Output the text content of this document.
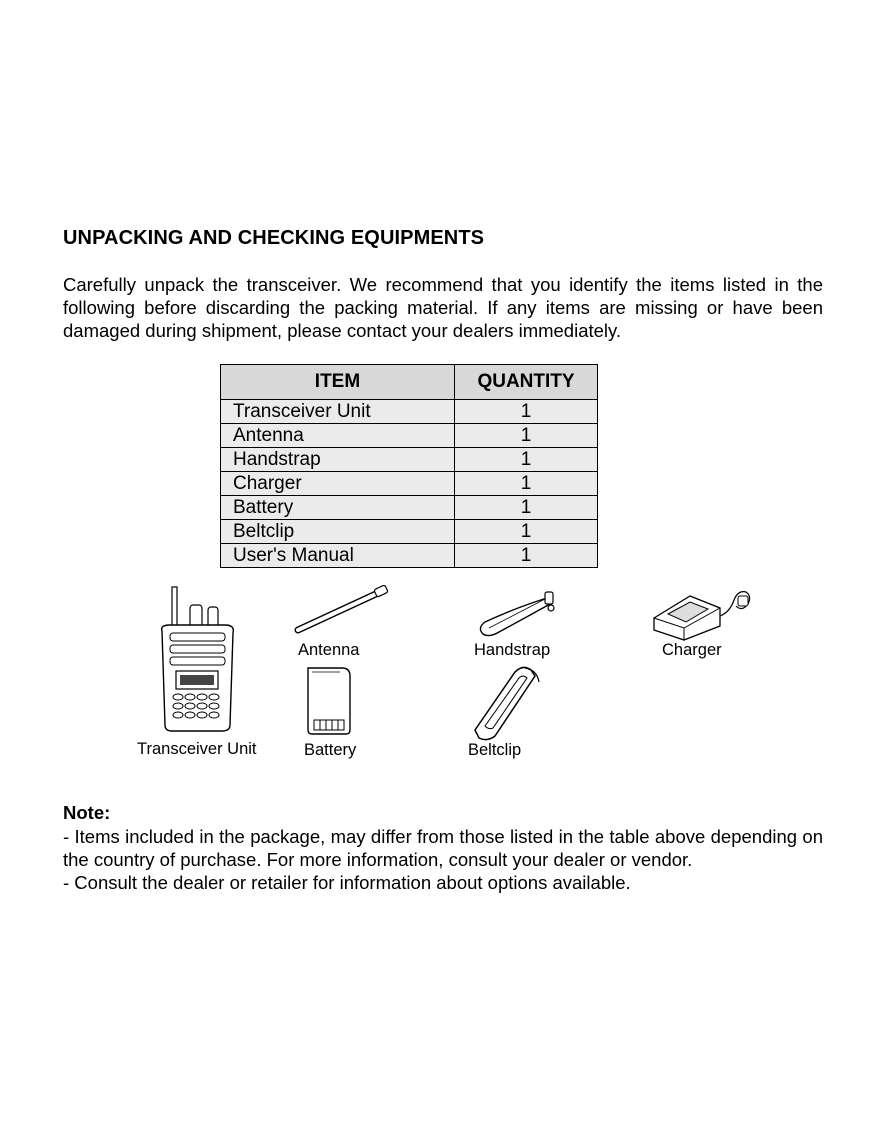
UNPACKING AND CHECKING EQUIPMENTS

Carefully unpack the transceiver. We recommend that you identify the items listed in the following before discarding the packing material. If any items are missing or have been damaged during shipment, please contact your dealers immediately.

ITEM	QUANTITY
Transceiver Unit	1
Antenna	1
Handstrap	1
Charger	1
Battery	1
Beltclip	1
User's Manual	1
Transceiver Unit
Antenna	Handstrap	Charger
Battery	Beltclip

Note:

- Items included in the package, may differ from those listed in the table above depending on the country of purchase. For more information, consult your dealer or vendor.
- Consult the dealer or retailer for information about options available.
